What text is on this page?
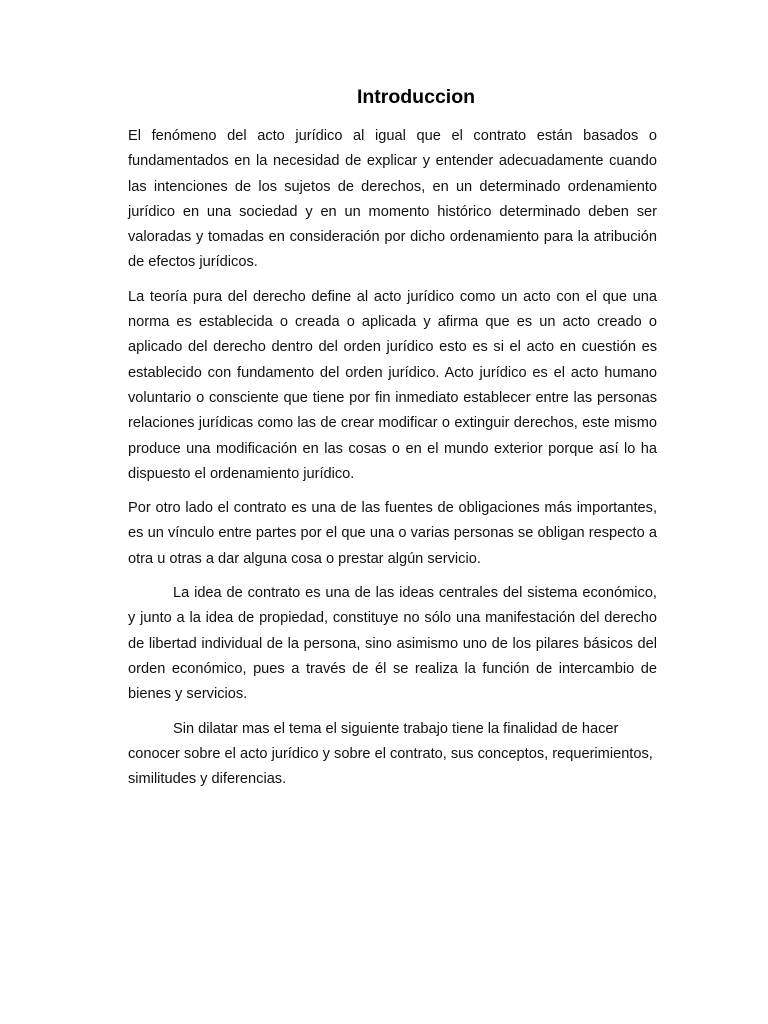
Introduccion

El fenómeno del acto jurídico al igual que el contrato están basados o fundamentados en la necesidad de explicar y entender adecuadamente cuando las intenciones de los sujetos de derechos, en un determinado ordenamiento jurídico en una sociedad y en un momento histórico determinado deben ser valoradas y tomadas en consideración por dicho ordenamiento para la atribución de efectos jurídicos.

La teoría pura del derecho define al acto jurídico como un acto con el que una norma es establecida o creada o aplicada y afirma que es un acto creado o aplicado del derecho dentro del orden jurídico esto es si el acto en cuestión es establecido con fundamento del orden jurídico. Acto jurídico es el acto humano voluntario o consciente que tiene por fin inmediato establecer entre las personas relaciones jurídicas como las de crear modificar o extinguir derechos, este mismo produce una modificación en las cosas o en el mundo exterior porque así lo ha dispuesto el ordenamiento jurídico.

Por otro lado el contrato es una de las fuentes de obligaciones más importantes, es un vínculo entre partes por el que una o varias personas se obligan respecto a otra u otras a dar alguna cosa o prestar algún servicio.

La idea de contrato es una de las ideas centrales del sistema económico, y junto a la idea de propiedad, constituye no sólo una manifestación del derecho de libertad individual de la persona, sino asimismo uno de los pilares básicos del orden económico, pues a través de él se realiza la función de intercambio de bienes y servicios.

Sin dilatar mas el tema el siguiente trabajo tiene la finalidad de hacer conocer sobre el acto jurídico y sobre el contrato, sus conceptos, requerimientos, similitudes y diferencias.
